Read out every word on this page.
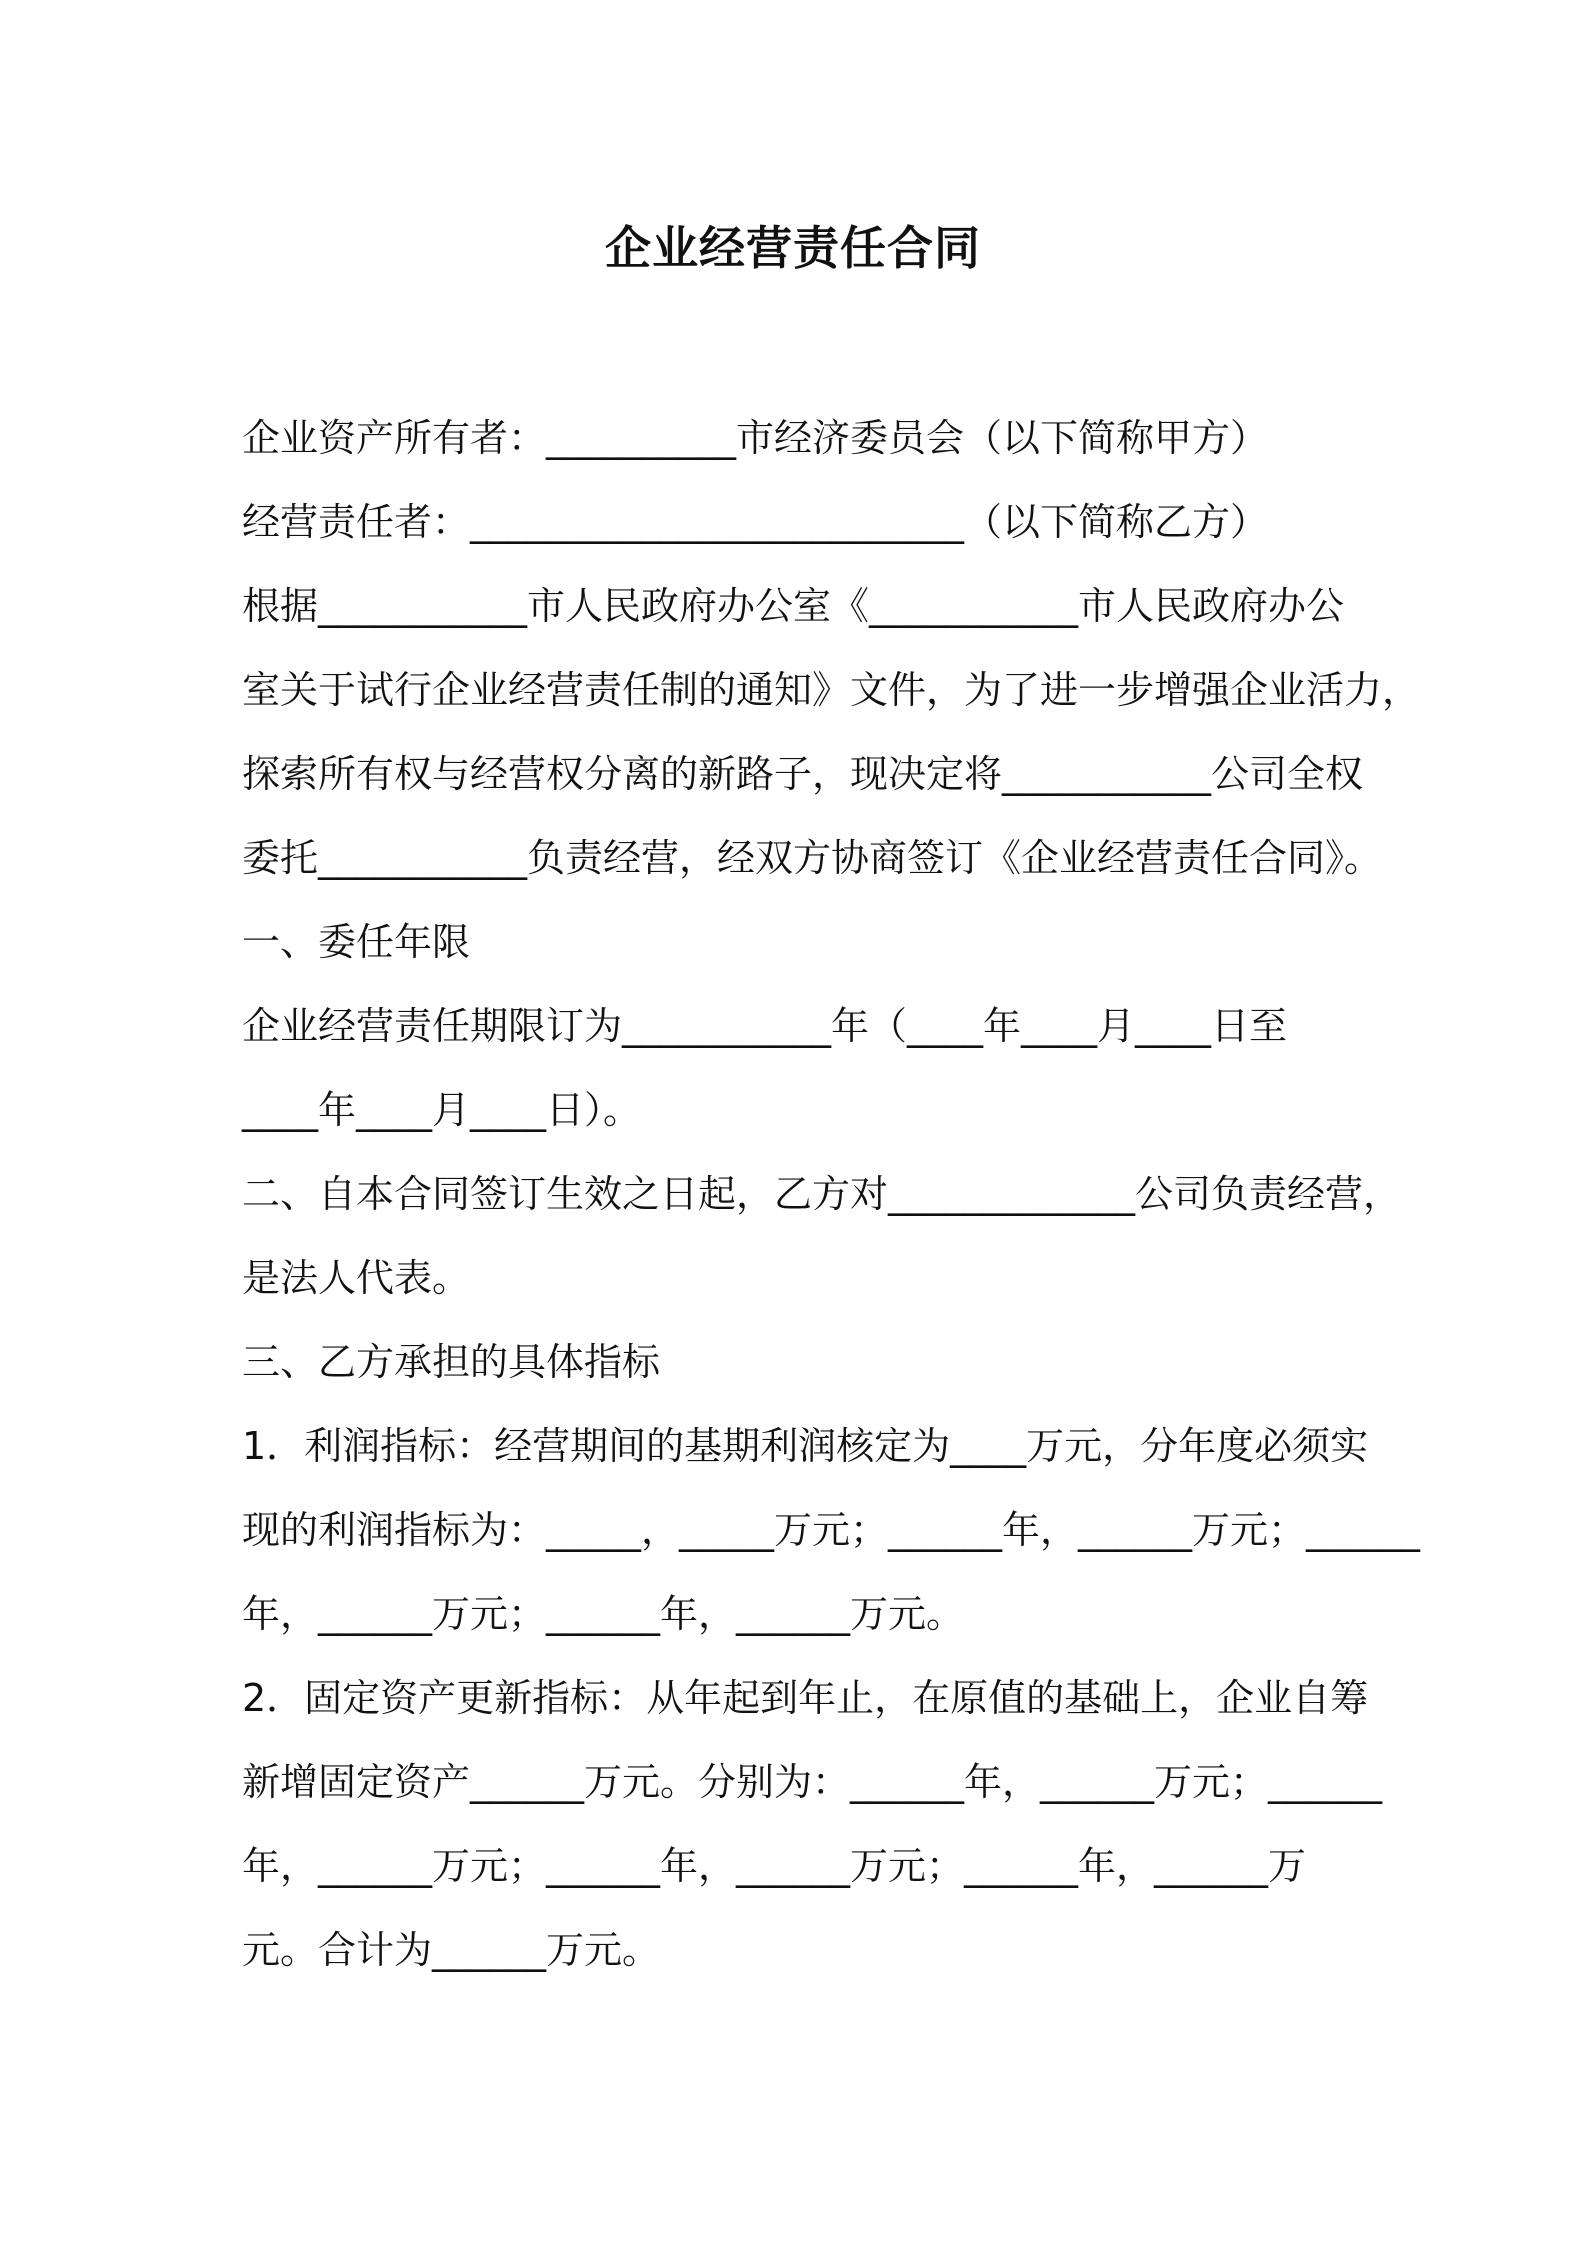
企业经营责任合同
企业资产所有者：__________市经济委员会（以下简称甲方）
经营责任者：__________________________（以下简称乙方）
根据___________市人民政府办公室《___________市人民政府办公
室关于试行企业经营责任制的通知》文件，为了进一步增强企业活力，
探索所有权与经营权分离的新路子，现决定将___________公司全权
委托___________负责经营，经双方协商签订《企业经营责任合同》。
一、委任年限
企业经营责任期限订为___________年（____年____月____日至
____年____月____日）。
二、自本合同签订生效之日起，乙方对_____________公司负责经营，
是法人代表。
三、乙方承担的具体指标
1．利润指标：经营期间的基期利润核定为____万元，分年度必须实
现的利润指标为：_____，_____万元；______年，______万元；______
年，______万元；______年，______万元。
2．固定资产更新指标：从年起到年止，在原值的基础上，企业自筹
新增固定资产______万元。分别为：______年，______万元；______
年，______万元；______年，______万元；______年，______万
元。合计为______万元。
